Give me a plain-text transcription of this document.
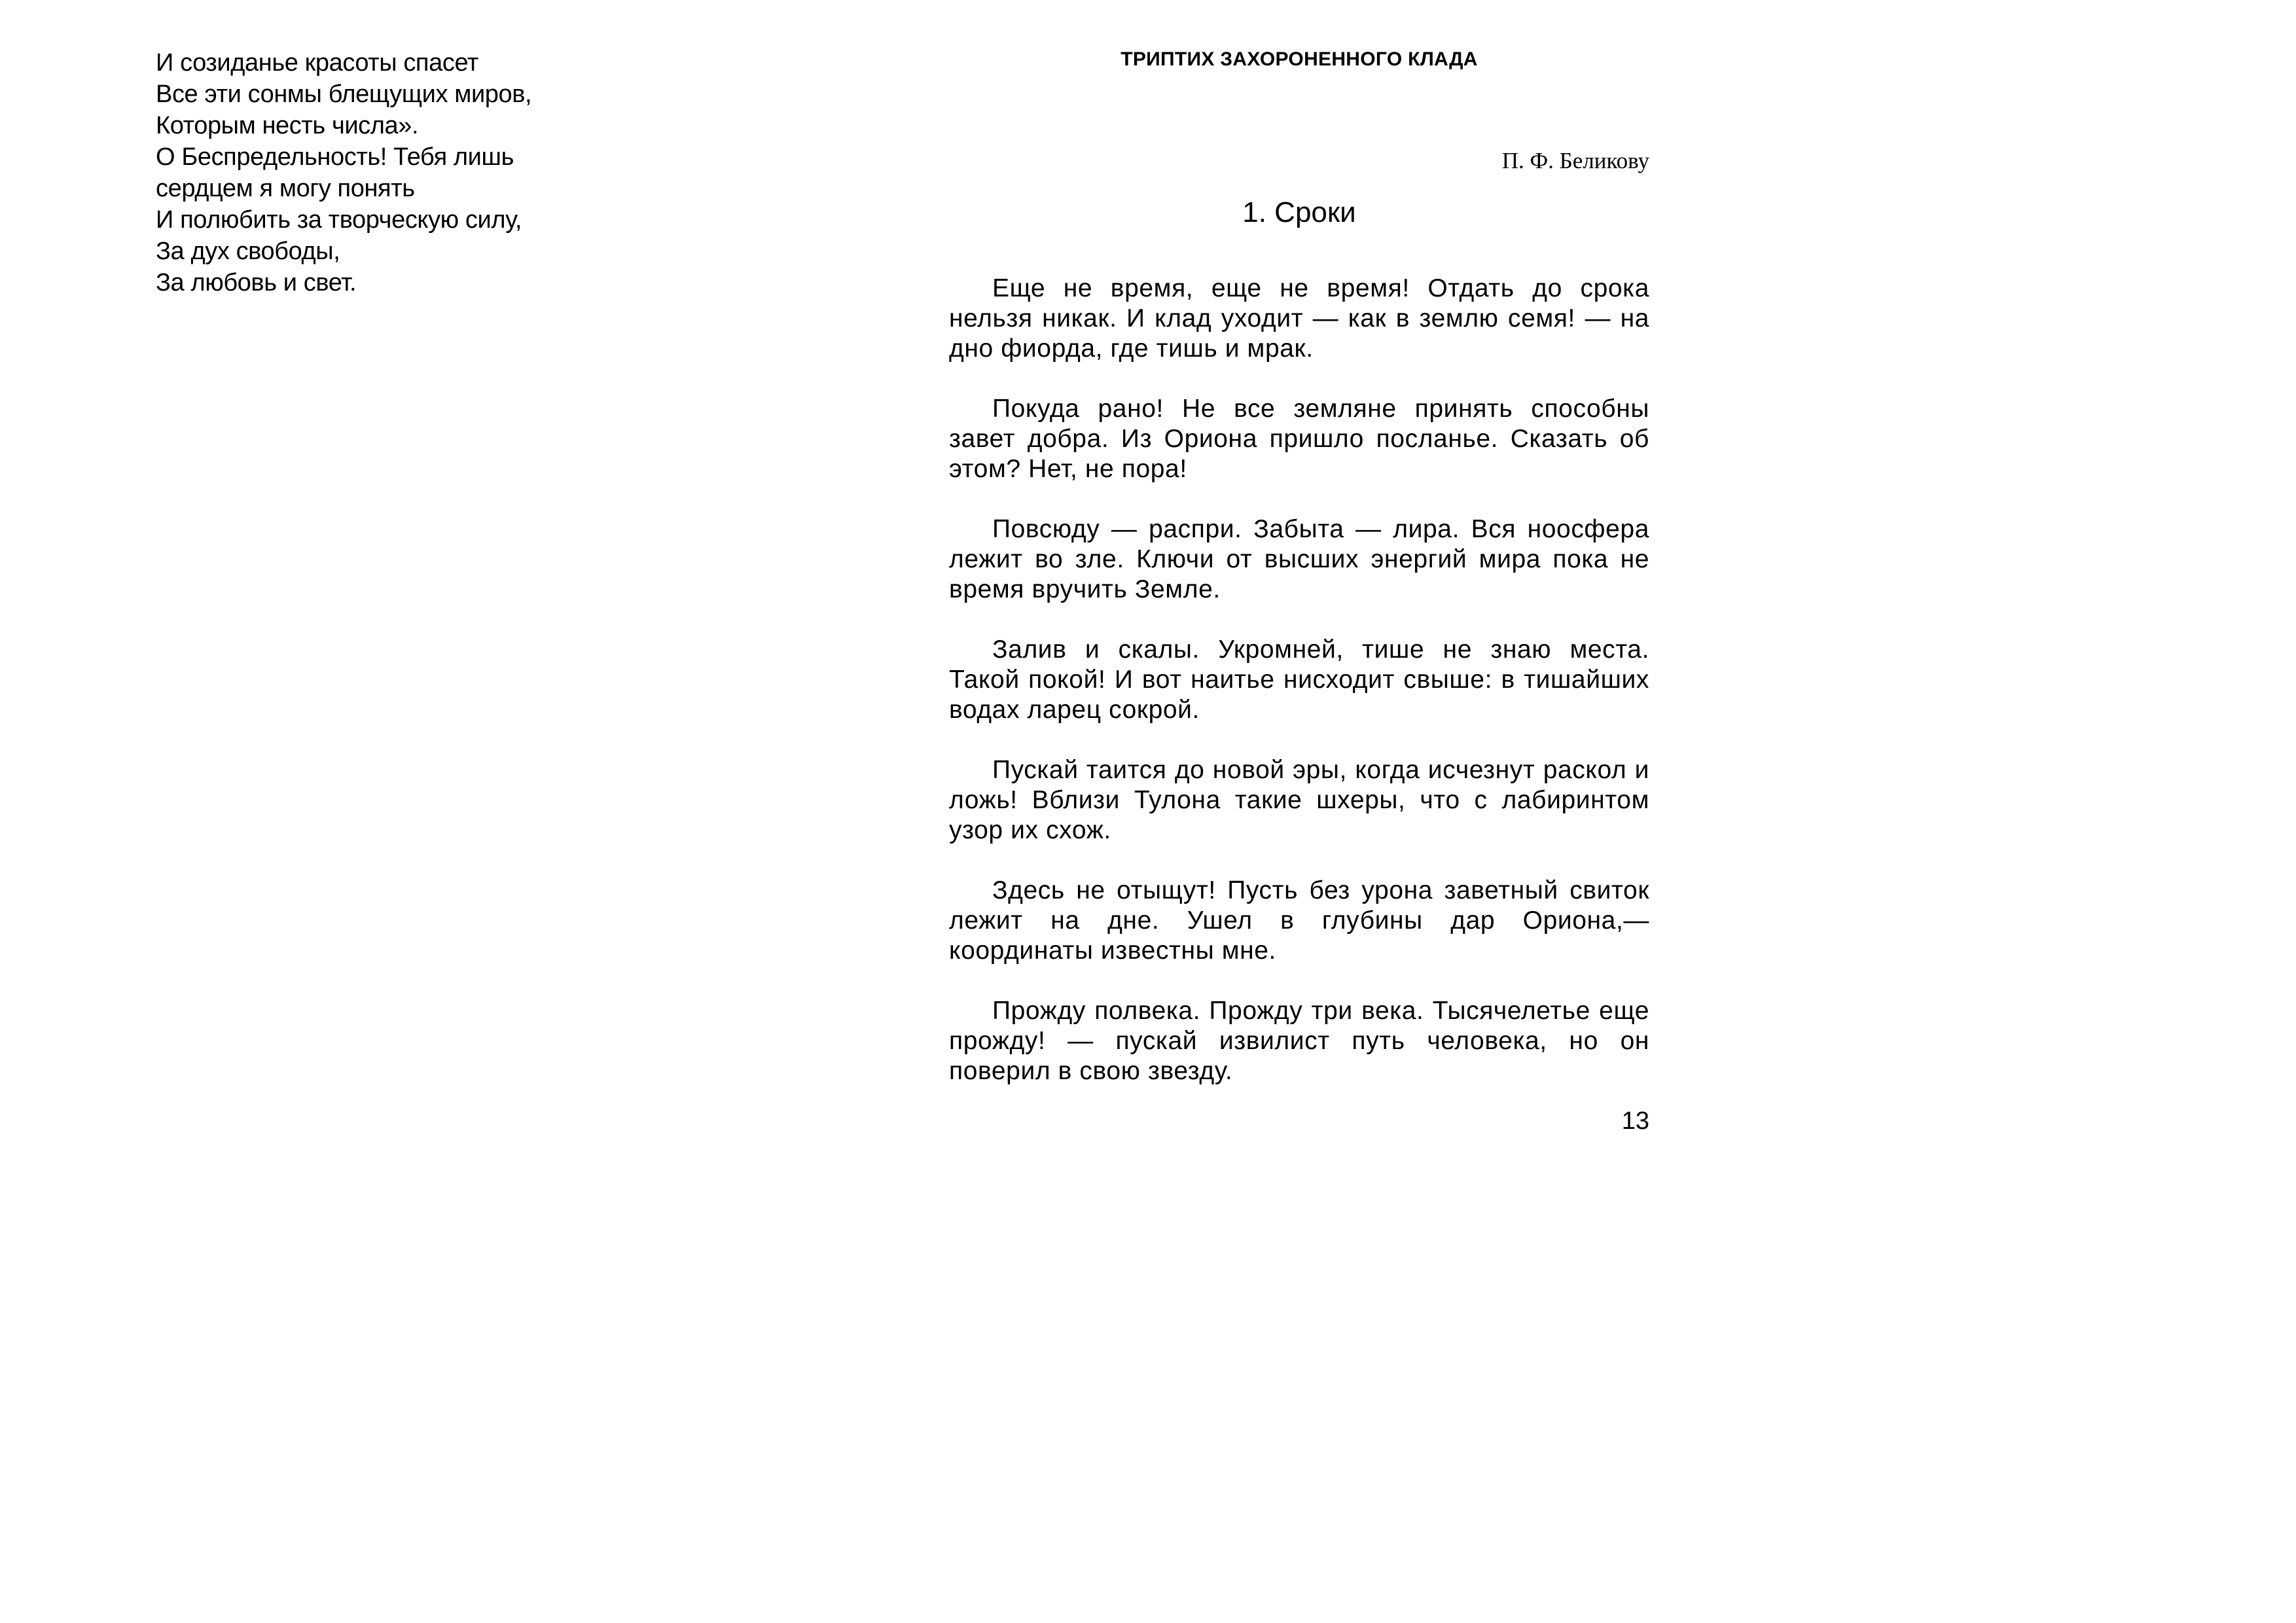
И созиданье красоты спасет
Все эти сонмы блещущих миров,
Которым несть числа».
О Беспредельность! Тебя лишь
сердцем я могу понять
И полюбить за творческую силу,
За дух свободы,
За любовь и свет.
ТРИПТИХ ЗАХОРОНЕННОГО КЛАДА
П. Ф. Беликову
1. Сроки

Еще не время, еще не время! Отдать до срока нельзя никак. И клад уходит — как в землю семя! — на дно фиорда, где тишь и мрак.

Покуда рано! Не все земляне принять способны завет добра. Из Ориона пришло посланье. Сказать об этом? Нет, не пора!

Повсюду — распри. Забыта — лира. Вся ноосфера лежит во зле. Ключи от высших энергий мира пока не время вручить Земле.

Залив и скалы. Укромней, тише не знаю места. Такой покой! И вот наитье нисходит свыше: в тишайших водах ларец сокрой.

Пускай таится до новой эры, когда исчезнут раскол и ложь! Вблизи Тулона такие шхеры, что с лабиринтом узор их схож.

Здесь не отыщут! Пусть без урона заветный свиток лежит на дне. Ушел в глубины дар Ориона,— координаты известны мне.

Прожду полвека. Прожду три века. Тысячелетье еще прожду! — пускай извилист путь человека, но он поверил в свою звезду.

13
